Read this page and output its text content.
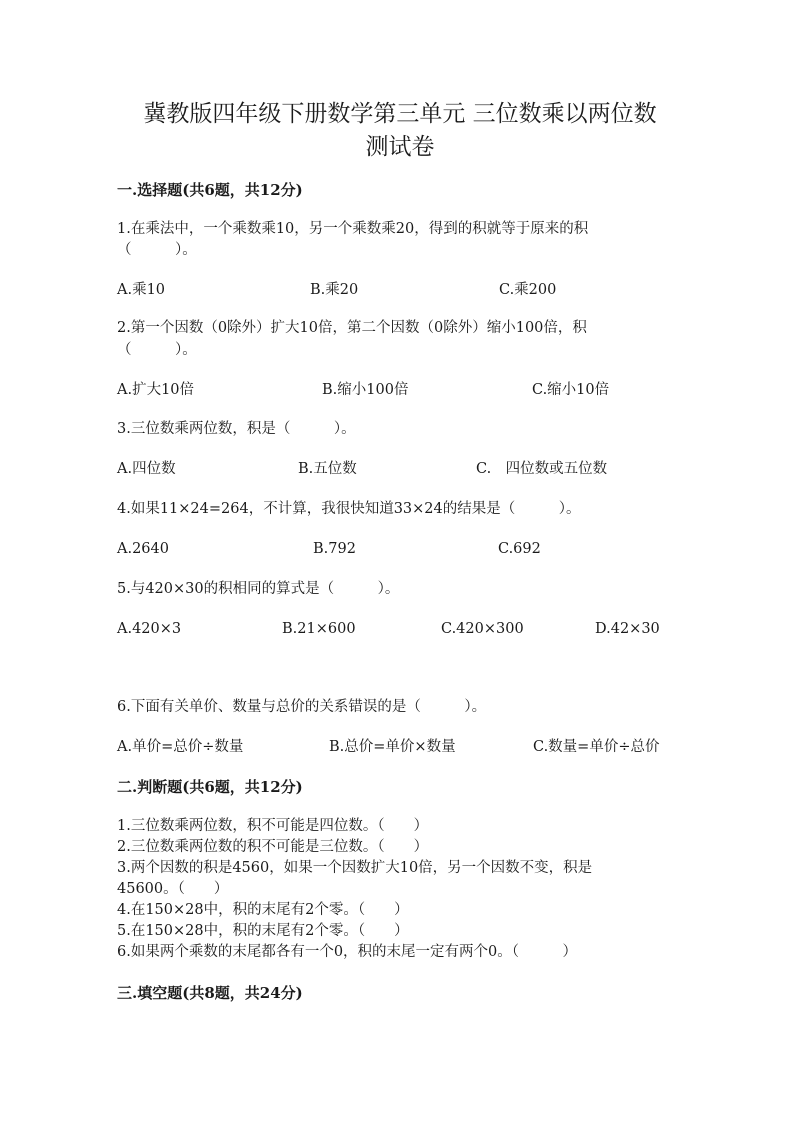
冀教版四年级下册数学第三单元 三位数乘以两位数
测试卷
一.选择题(共6题，共12分)
1.在乘法中，一个乘数乘10，另一个乘数乘20，得到的积就等于原来的积
（　　　）。
A.乘10	B.乘20	C.乘200
2.第一个因数（0除外）扩大10倍，第二个因数（0除外）缩小100倍，积
（　　　）。
A.扩大10倍	B.缩小100倍	C.缩小10倍
3.三位数乘两位数，积是（　　　）。
A.四位数	B.五位数	C.　四位数或五位数
4.如果11×24=264，不计算，我很快知道33×24的结果是（　　　）。
A.2640	B.792	C.692
5.与420×30的积相同的算式是（　　　）。
A.420×3	B.21×600	C.420×300	D.42×30
6.下面有关单价、数量与总价的关系错误的是（　　　）。
A.单价=总价÷数量	B.总价=单价×数量	C.数量=单价÷总价
二.判断题(共6题，共12分)
1.三位数乘两位数，积不可能是四位数。（　　）
2.三位数乘两位数的积不可能是三位数。（　　）
3.两个因数的积是4560，如果一个因数扩大10倍，另一个因数不变，积是
45600。（　　）
4.在150×28中，积的末尾有2个零。（　　）
5.在150×28中，积的末尾有2个零。（　　）
6.如果两个乘数的末尾都各有一个0，积的末尾一定有两个0。（　　　）
三.填空题(共8题，共24分)
